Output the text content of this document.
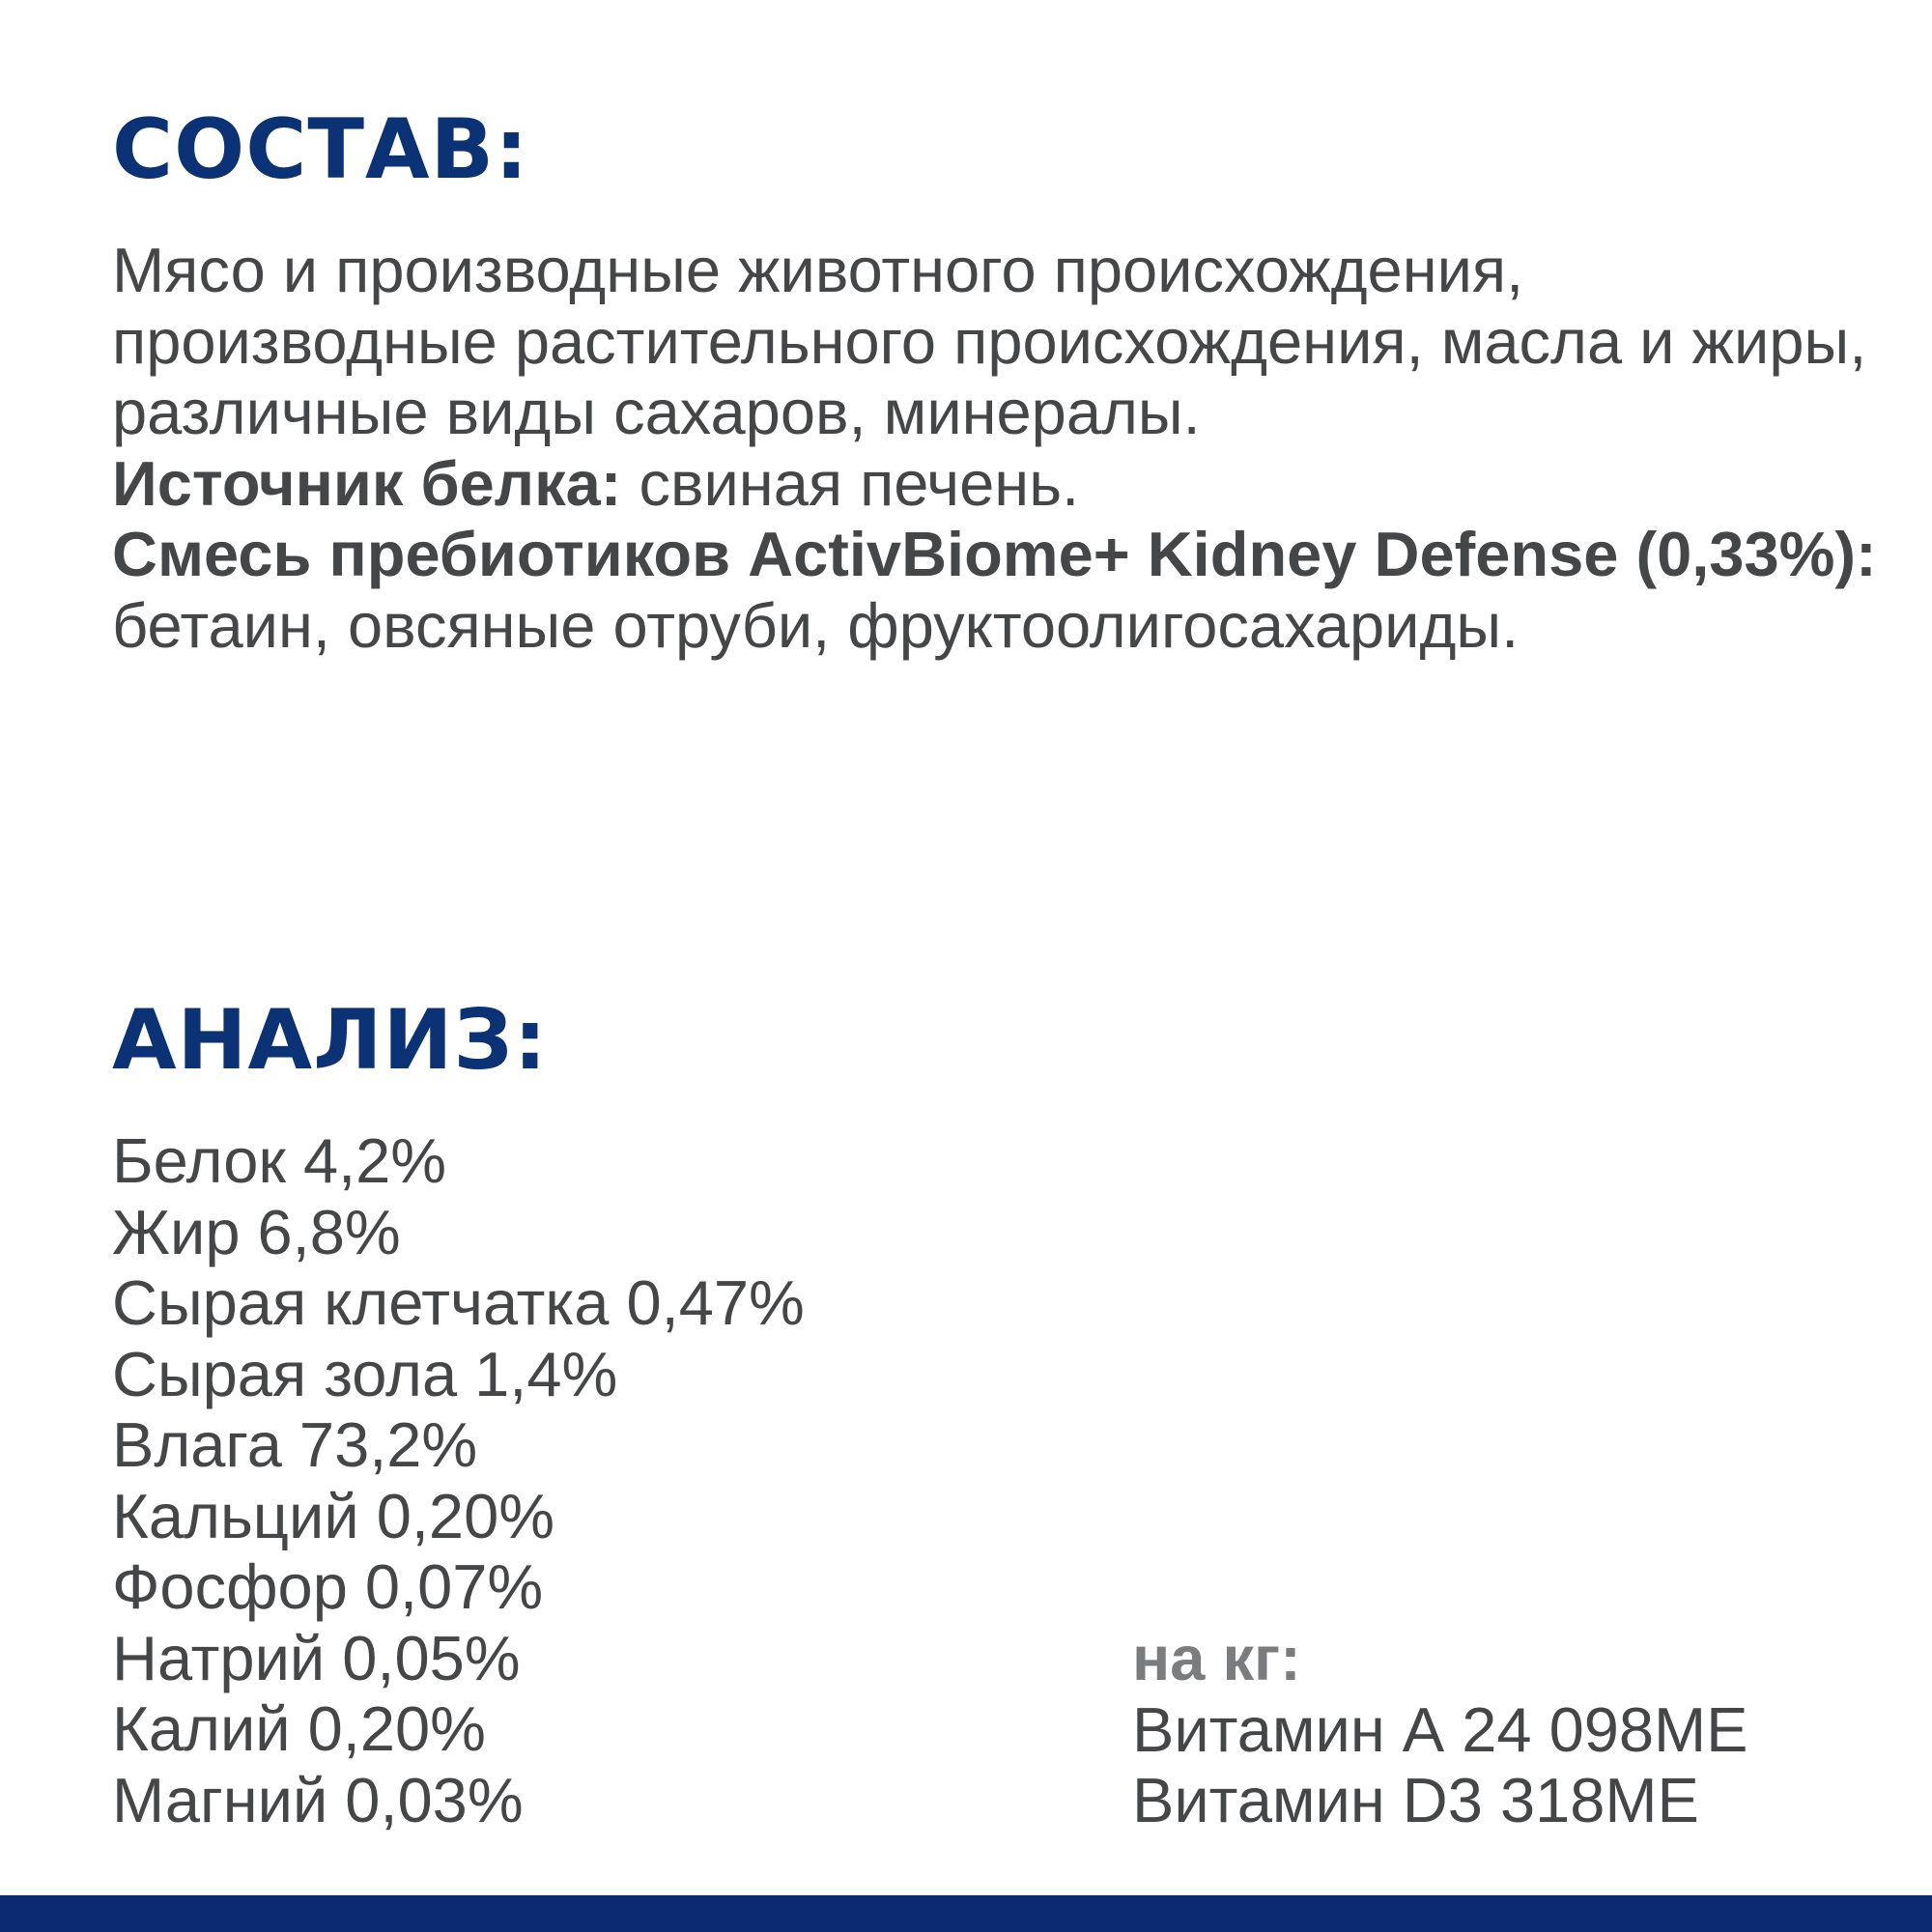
СОСТАВ:

Мясо и производные животного происхождения, производные растительного происхождения, масла и жиры, различные виды сахаров, минералы.

Источник белка: свиная печень.

Смесь пребиотиков ActivBiome+ Kidney Defense (0,33%): бетаин, овсяные отруби, фруктоолигосахариды.

АНАЛИЗ:
Белок 4,2%
Жир 6,8%
Сырая клетчатка 0,47%
Сырая зола 1,4%
Влага 73,2%
Кальций 0,20%
Фосфор 0,07%
Натрий 0,05%
Калий 0,20%
Магний 0,03%
на кг:
Витамин А 24 098МЕ
Витамин D3 318МЕ
